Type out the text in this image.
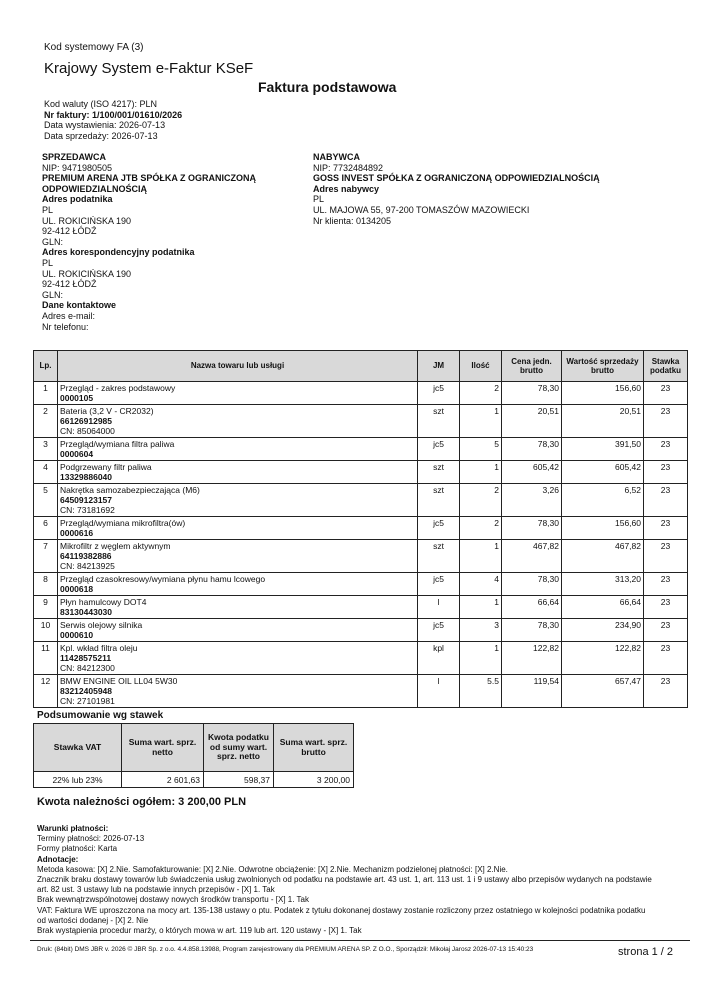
Kod systemowy FA (3)
Krajowy System e-Faktur KSeF
Faktura podstawowa
Kod waluty (ISO 4217): PLN
Nr faktury: 1/100/001/01610/2026
Data wystawienia: 2026-07-13
Data sprzedaży: 2026-07-13
SPRZEDAWCA
NIP: 9471980505
PREMIUM ARENA JTB SPÓŁKA Z OGRANICZONĄ
ODPOWIEDZIALNOŚCIĄ
Adres podatnika
PL
UL. ROKICIŃSKA 190
92-412 ŁÓDŹ
GLN:
Adres korespondencyjny podatnika
PL
UL. ROKICIŃSKA 190
92-412 ŁÓDŹ
GLN:
Dane kontaktowe
Adres e-mail:
Nr telefonu:
NABYWCA
NIP: 7732484892
GOSS INVEST SPÓŁKA Z OGRANICZONĄ ODPOWIEDZIALNOŚCIĄ
Adres nabywcy
PL
UL. MAJOWA 55, 97-200 TOMASZÓW MAZOWIECKI
Nr klienta: 0134205
Lp.	Nazwa towaru lub usługi	JM	Ilość	Cena jedn. brutto	Wartość sprzedaży brutto	Stawka podatku
1	Przegląd - zakres podstawowy
0000105	jc5	2	78,30	156,60	23
2	Bateria (3,2 V - CR2032)
66126912985
CN: 85064000	szt	1	20,51	20,51	23
3	Przegląd/wymiana filtra paliwa
0000604	jc5	5	78,30	391,50	23
4	Podgrzewany filtr paliwa
13329886040	szt	1	605,42	605,42	23
5	Nakrętka samozabezpieczająca (M6)
64509123157
CN: 73181692	szt	2	3,26	6,52	23
6	Przegląd/wymiana mikrofiltra(ów)
0000616	jc5	2	78,30	156,60	23
7	Mikrofiltr z węglem aktywnym
64119382886
CN: 84213925	szt	1	467,82	467,82	23
8	Przegląd czasokresowy/wymiana płynu hamu lcowego
0000618	jc5	4	78,30	313,20	23
9	Płyn hamulcowy DOT4
83130443030	l	1	66,64	66,64	23
10	Serwis olejowy silnika
0000610	jc5	3	78,30	234,90	23
11	Kpl. wkład filtra oleju
11428575211
CN: 84212300	kpl	1	122,82	122,82	23
12	BMW ENGINE OIL LL04 5W30
83212405948
CN: 27101981	l	5.5	119,54	657,47	23
Podsumowanie wg stawek
Stawka VAT	Suma wart. sprz. netto	Kwota podatku od sumy wart. sprz. netto	Suma wart. sprz. brutto
22% lub 23%	2 601,63	598,37	3 200,00
Kwota należności ogółem: 3 200,00 PLN
Warunki płatności:
Terminy płatności: 2026-07-13
Formy płatności: Karta
Adnotacje:
Metoda kasowa: [X] 2.Nie. Samofakturowanie: [X] 2.Nie. Odwrotne obciążenie: [X] 2.Nie. Mechanizm podzielonej płatności: [X] 2.Nie.
Znacznik braku dostawy towarów lub świadczenia usług zwolnionych od podatku na podstawie art. 43 ust. 1, art. 113 ust. 1 i 9 ustawy albo przepisów wydanych na podstawie
art. 82 ust. 3 ustawy lub na podstawie innych przepisów - [X] 1. Tak
Brak wewnątrzwspólnotowej dostawy nowych środków transportu - [X] 1. Tak
VAT: Faktura WE uproszczona na mocy art. 135-138 ustawy o ptu. Podatek z tytułu dokonanej dostawy zostanie rozliczony przez ostatniego w kolejności podatnika podatku
od wartości dodanej - [X] 2. Nie
Brak wystąpienia procedur marży, o których mowa w art. 119 lub art. 120 ustawy - [X] 1. Tak
Druk: (84bit) DMS JBR v. 2026 © JBR Sp. z o.o. 4.4.858.13988, Program zarejestrowany dla PREMIUM ARENA SP. Z O.O., Sporządził: Mikołaj Jarosz 2026-07-13 15:40:23	strona 1 / 2
